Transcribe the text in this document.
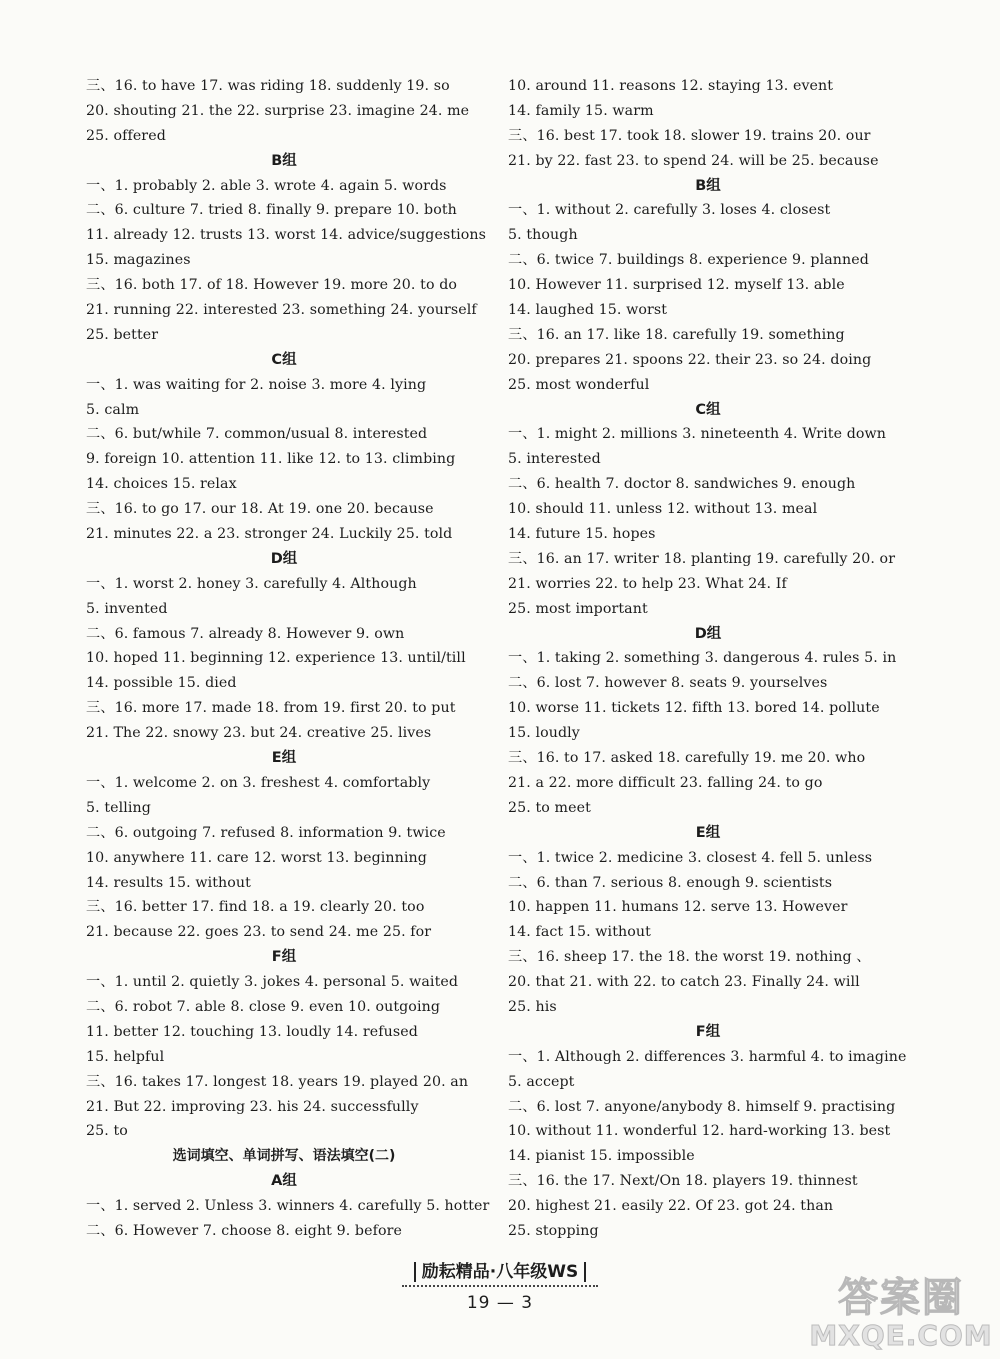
三、16. to have 17. was riding 18. suddenly 19. so
20. shouting 21. the 22. surprise 23. imagine 24. me
25. offered
B组
一、1. probably 2. able 3. wrote 4. again 5. words
二、6. culture 7. tried 8. finally 9. prepare 10. both
11. already 12. trusts 13. worst 14. advice/suggestions
15. magazines
三、16. both 17. of 18. However 19. more 20. to do
21. running 22. interested 23. something 24. yourself
25. better
C组
一、1. was waiting for 2. noise 3. more 4. lying
5. calm
二、6. but/while 7. common/usual 8. interested
9. foreign 10. attention 11. like 12. to 13. climbing
14. choices 15. relax
三、16. to go 17. our 18. At 19. one 20. because
21. minutes 22. a 23. stronger 24. Luckily 25. told
D组
一、1. worst 2. honey 3. carefully 4. Although
5. invented
二、6. famous 7. already 8. However 9. own
10. hoped 11. beginning 12. experience 13. until/till
14. possible 15. died
三、16. more 17. made 18. from 19. first 20. to put
21. The 22. snowy 23. but 24. creative 25. lives
E组
一、1. welcome 2. on 3. freshest 4. comfortably
5. telling
二、6. outgoing 7. refused 8. information 9. twice
10. anywhere 11. care 12. worst 13. beginning
14. results 15. without
三、16. better 17. find 18. a 19. clearly 20. too
21. because 22. goes 23. to send 24. me 25. for
F组
一、1. until 2. quietly 3. jokes 4. personal 5. waited
二、6. robot 7. able 8. close 9. even 10. outgoing
11. better 12. touching 13. loudly 14. refused
15. helpful
三、16. takes 17. longest 18. years 19. played 20. an
21. But 22. improving 23. his 24. successfully
25. to
选词填空、单词拼写、语法填空(二)
A组
一、1. served 2. Unless 3. winners 4. carefully 5. hotter
二、6. However 7. choose 8. eight 9. before
10. around 11. reasons 12. staying 13. event
14. family 15. warm
三、16. best 17. took 18. slower 19. trains 20. our
21. by 22. fast 23. to spend 24. will be 25. because
B组
一、1. without 2. carefully 3. loses 4. closest
5. though
二、6. twice 7. buildings 8. experience 9. planned
10. However 11. surprised 12. myself 13. able
14. laughed 15. worst
三、16. an 17. like 18. carefully 19. something
20. prepares 21. spoons 22. their 23. so 24. doing
25. most wonderful
C组
一、1. might 2. millions 3. nineteenth 4. Write down
5. interested
二、6. health 7. doctor 8. sandwiches 9. enough
10. should 11. unless 12. without 13. meal
14. future 15. hopes
三、16. an 17. writer 18. planting 19. carefully 20. or
21. worries 22. to help 23. What 24. If
25. most important
D组
一、1. taking 2. something 3. dangerous 4. rules 5. in
二、6. lost 7. however 8. seats 9. yourselves
10. worse 11. tickets 12. fifth 13. bored 14. pollute
15. loudly
三、16. to 17. asked 18. carefully 19. me 20. who
21. a 22. more difficult 23. falling 24. to go
25. to meet
E组
一、1. twice 2. medicine 3. closest 4. fell 5. unless
二、6. than 7. serious 8. enough 9. scientists
10. happen 11. humans 12. serve 13. However
14. fact 15. without
三、16. sheep 17. the 18. the worst 19. nothing 、
20. that 21. with 22. to catch 23. Finally 24. will
25. his
F组
一、1. Although 2. differences 3. harmful 4. to imagine
5. accept
二、6. lost 7. anyone/anybody 8. himself 9. practising
10. without 11. wonderful 12. hard-working 13. best
14. pianist 15. impossible
三、16. the 17. Next/On 18. players 19. thinnest
20. highest 21. easily 22. Of 23. got 24. than
25. stopping
励耘精品·八年级WS
19 — 3	答案圈
MXQE.COM
